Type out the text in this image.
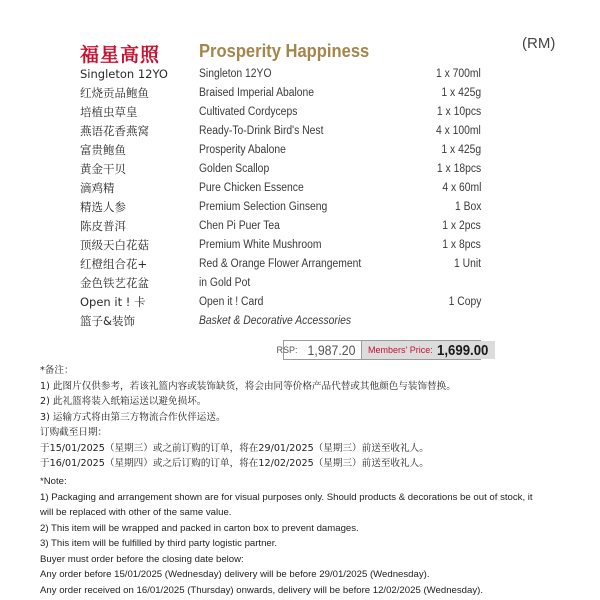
福星高照 Prosperity Happiness	(RM)
Singleton 12YO	Singleton 12YO	1 x 700ml
红烧贡品鲍鱼	Braised Imperial Abalone	1 x 425g
培植虫草皇	Cultivated Cordyceps	1 x 10pcs
燕语花香燕窝	Ready-To-Drink Bird's Nest	4 x 100ml
富贵鲍鱼	Prosperity Abalone	1 x 425g
黄金干贝	Golden Scallop	1 x 18pcs
滴鸡精	Pure Chicken Essence	4 x 60ml
精选人参	Premium Selection Ginseng	1 Box
陈皮普洱	Chen Pi Puer Tea	1 x 2pcs
顶级天白花菇	Premium White Mushroom	1 x 8pcs
红橙组合花+	Red & Orange Flower Arrangement	1 Unit
金色铁艺花盆	in Gold Pot
Open it ! 卡	Open it ! Card	1 Copy
篮子&装饰	Basket & Decorative Accessories
RSP: 1,987.20 Members' Price: 1,699.00
*备注：
1) 此图片仅供参考，若该礼篮内容或装饰缺货，将会由同等价格产品代替或其他颜色与装饰替换。
2) 此礼篮将装入纸箱运送以避免损坏。
3) 运输方式将由第三方物流合作伙伴运送。
订购截至日期：
于15/01/2025（星期三）或之前订购的订单，将在29/01/2025（星期三）前送至收礼人。
于16/01/2025（星期四）或之后订购的订单，将在12/02/2025（星期三）前送至收礼人。
*Note:
1) Packaging and arrangement shown are for visual purposes only. Should products & decorations be out of stock, it
will be replaced with other of the same value.
2) This item will be wrapped and packed in carton box to prevent damages.
3) This item will be fulfilled by third party logistic partner.
Buyer must order before the closing date below:
Any order before 15/01/2025 (Wednesday) delivery will be before 29/01/2025 (Wednesday).
Any order received on 16/01/2025 (Thursday) onwards, delivery will be before 12/02/2025 (Wednesday).
